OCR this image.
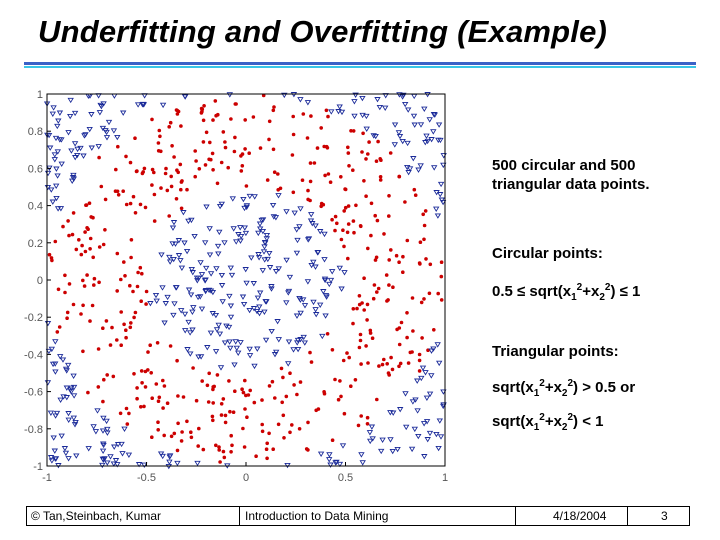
Underfitting and Overfitting (Example)
-1	-0.5	0	0.5	1
1
0.8
0.6
0.4
0.2
0
-0.2
-0.4
-0.6
-0.8
-1
500 circular and 500
triangular data points.
Circular points:
$0.5 \le sqrt(x_1^2+x_2^2) \le 1$
Triangular points:
$sqrt(x_1^2+x_2^2) > 0.5$ or
$sqrt(x_1^2+x_2^2) < 1$
© Tan,Steinbach, Kumar	Introduction to Data Mining	4/18/2004	3
